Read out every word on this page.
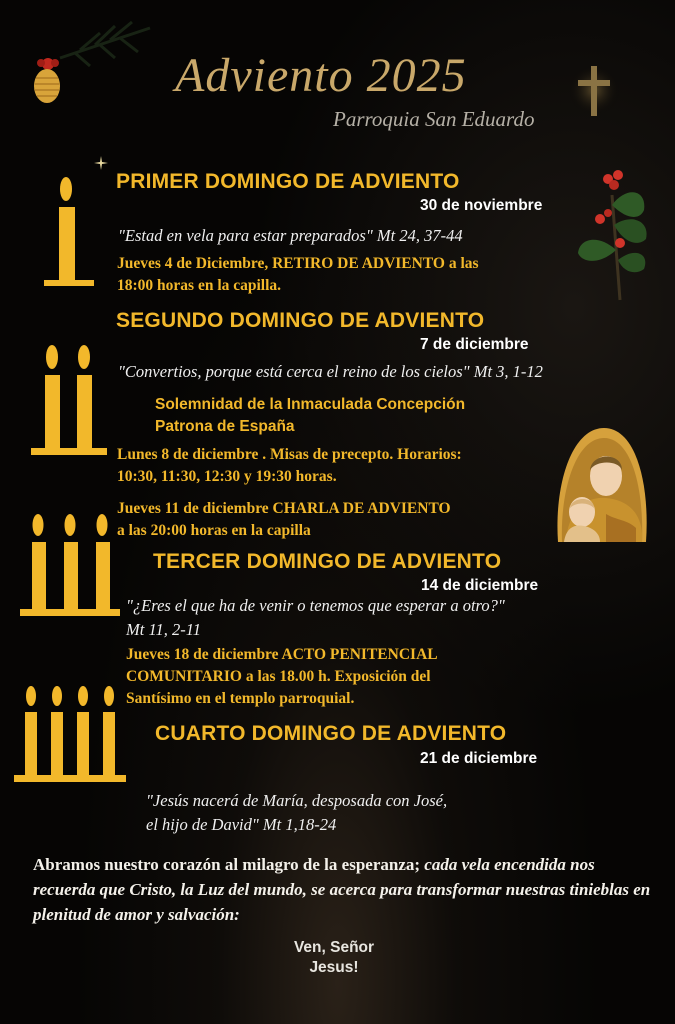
Adviento 2025
Parroquia San Eduardo
PRIMER DOMINGO DE ADVIENTO
30 de noviembre
"Estad en vela para estar preparados" Mt 24, 37-44
Jueves 4 de Diciembre, RETIRO DE ADVIENTO a las
18:00 horas en la capilla.
SEGUNDO DOMINGO DE ADVIENTO
7 de diciembre
"Convertios, porque está cerca el reino de los cielos" Mt 3, 1-12
Solemnidad de la Inmaculada Concepción
Patrona de España
Lunes 8 de diciembre . Misas de precepto. Horarios:
10:30, 11:30, 12:30 y 19:30 horas.
Jueves 11 de diciembre CHARLA DE ADVIENTO
a las 20:00 horas en la capilla
TERCER DOMINGO DE ADVIENTO
14 de diciembre
"¿Eres el que ha de venir o tenemos que esperar a otro?"
Mt 11, 2-11
Jueves 18 de diciembre ACTO PENITENCIAL
COMUNITARIO a las 18.00 h. Exposición del
Santísimo en el templo parroquial.
CUARTO DOMINGO DE ADVIENTO
21 de diciembre
"Jesús nacerá de María, desposada con José,
el hijo de David" Mt 1,18-24
Abramos nuestro corazón al milagro de la esperanza; cada vela encendida nos recuerda que Cristo, la Luz del mundo, se acerca para transformar nuestras tinieblas en plenitud de amor y salvación:
Ven, Señor
Jesus!
